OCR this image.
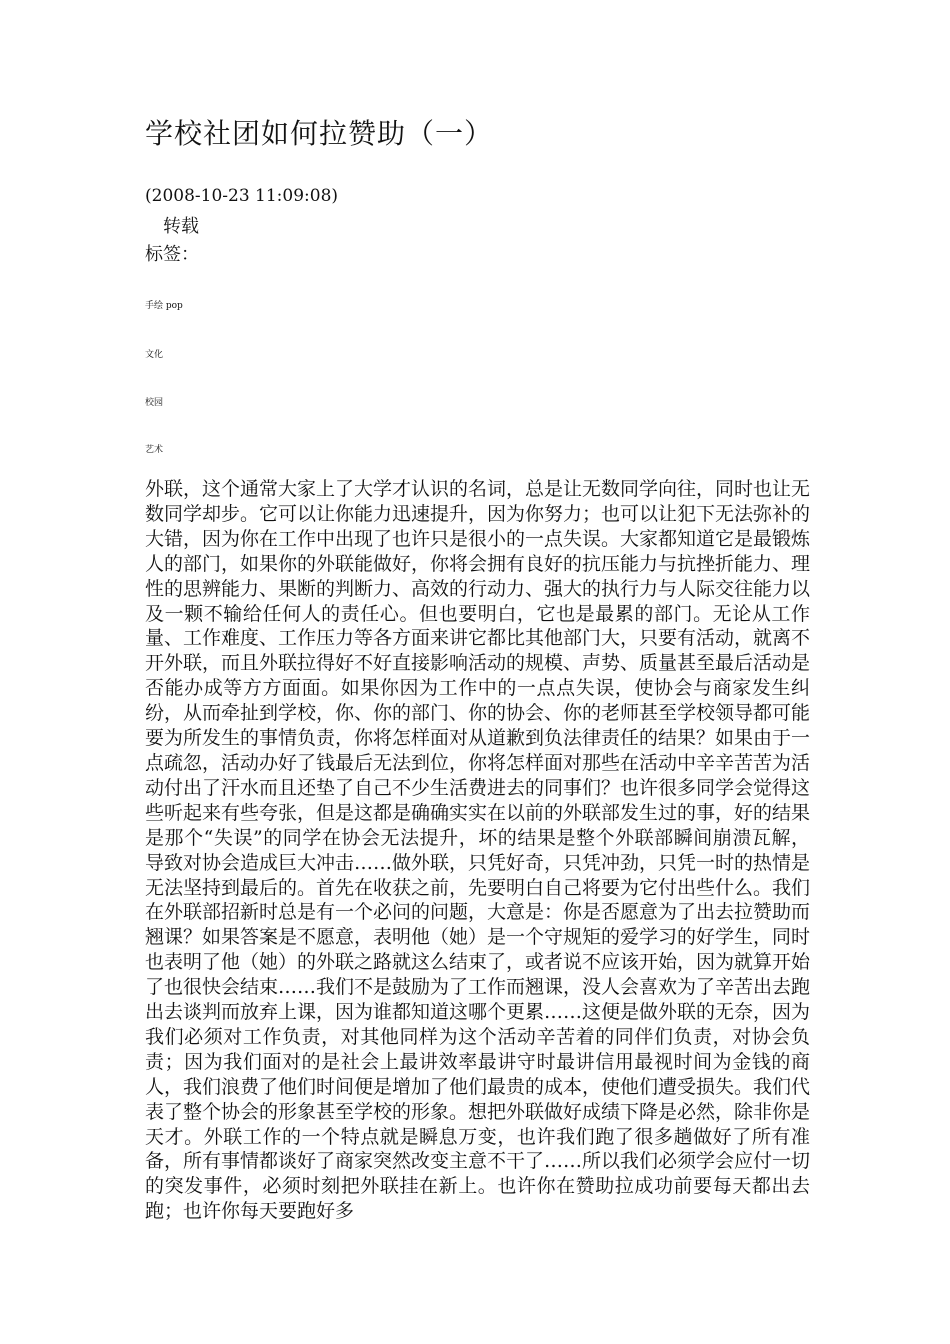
学校社团如何拉赞助（一）
(2008-10-23 11:09:08)
转载
标签：
手绘 pop
文化
校园
艺术

外联，这个通常大家上了大学才认识的名词，总是让无数同学向往，同时也让无数同学却步。它可以让你能力迅速提升，因为你努力；也可以让犯下无法弥补的大错，因为你在工作中出现了也许只是很小的一点失误。大家都知道它是最锻炼人的部门，如果你的外联能做好，你将会拥有良好的抗压能力与抗挫折能力、理性的思辨能力、果断的判断力、高效的行动力、强大的执行力与人际交往能力以及一颗不输给任何人的责任心。但也要明白，它也是最累的部门。无论从工作量、工作难度、工作压力等各方面来讲它都比其他部门大，只要有活动，就离不开外联，而且外联拉得好不好直接影响活动的规模、声势、质量甚至最后活动是否能办成等方方面面。如果你因为工作中的一点点失误，使协会与商家发生纠纷，从而牵扯到学校，你、你的部门、你的协会、你的老师甚至学校领导都可能要为所发生的事情负责，你将怎样面对从道歉到负法律责任的结果？如果由于一点疏忽，活动办好了钱最后无法到位，你将怎样面对那些在活动中辛辛苦苦为活动付出了汗水而且还垫了自己不少生活费进去的同事们？也许很多同学会觉得这些听起来有些夸张，但是这都是确确实实在以前的外联部发生过的事，好的结果是那个“失误”的同学在协会无法提升，坏的结果是整个外联部瞬间崩溃瓦解，导致对协会造成巨大冲击……做外联，只凭好奇，只凭冲劲，只凭一时的热情是无法坚持到最后的。首先在收获之前，先要明白自己将要为它付出些什么。我们在外联部招新时总是有一个必问的问题，大意是：你是否愿意为了出去拉赞助而翘课？如果答案是不愿意，表明他（她）是一个守规矩的爱学习的好学生，同时也表明了他（她）的外联之路就这么结束了，或者说不应该开始，因为就算开始了也很快会结束……我们不是鼓励为了工作而翘课，没人会喜欢为了辛苦出去跑出去谈判而放弃上课，因为谁都知道这哪个更累……这便是做外联的无奈，因为我们必须对工作负责，对其他同样为这个活动辛苦着的同伴们负责，对协会负责；因为我们面对的是社会上最讲效率最讲守时最讲信用最视时间为金钱的商人，我们浪费了他们时间便是增加了他们最贵的成本，使他们遭受损失。我们代表了整个协会的形象甚至学校的形象。想把外联做好成绩下降是必然，除非你是天才。外联工作的一个特点就是瞬息万变，也许我们跑了很多趟做好了所有准备，所有事情都谈好了商家突然改变主意不干了……所以我们必须学会应付一切的突发事件，必须时刻把外联挂在新上。也许你在赞助拉成功前要每天都出去跑；也许你每天要跑好多
